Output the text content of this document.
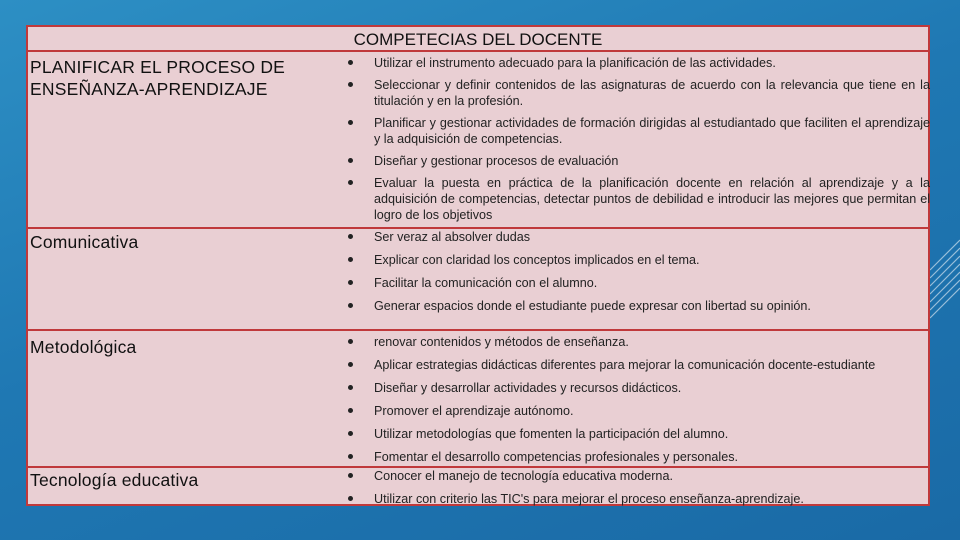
COMPETECIAS DEL DOCENTE
PLANIFICAR EL PROCESO DE ENSEÑANZA-APRENDIZAJE
Utilizar el instrumento adecuado para la planificación de las actividades.
Seleccionar y definir contenidos de las asignaturas de acuerdo con la relevancia que tiene en la titulación y en la profesión.
Planificar y gestionar actividades de formación dirigidas al estudiantado que faciliten el aprendizaje y la adquisición de competencias.
Diseñar y gestionar procesos de evaluación
Evaluar la puesta en práctica de la planificación docente en relación al aprendizaje y a la adquisición de competencias, detectar puntos de debilidad e introducir las mejores que permitan el logro de los objetivos
Comunicativa	Ser veraz al absolver dudas
Explicar con claridad los conceptos implicados en el tema.
Facilitar la comunicación con el alumno.
Generar espacios donde el estudiante puede expresar con libertad su opinión.
Metodológica	renovar contenidos y métodos de enseñanza.
Aplicar estrategias didácticas diferentes para mejorar la comunicación docente-estudiante
Diseñar y desarrollar actividades y recursos didácticos.
Promover el aprendizaje autónomo.
Utilizar metodologías que fomenten la participación del alumno.
Fomentar el desarrollo competencias profesionales y personales.
Tecnología educativa	Conocer el manejo de tecnología educativa moderna.
Utilizar con criterio las TIC's para mejorar el proceso enseñanza-aprendizaje.
